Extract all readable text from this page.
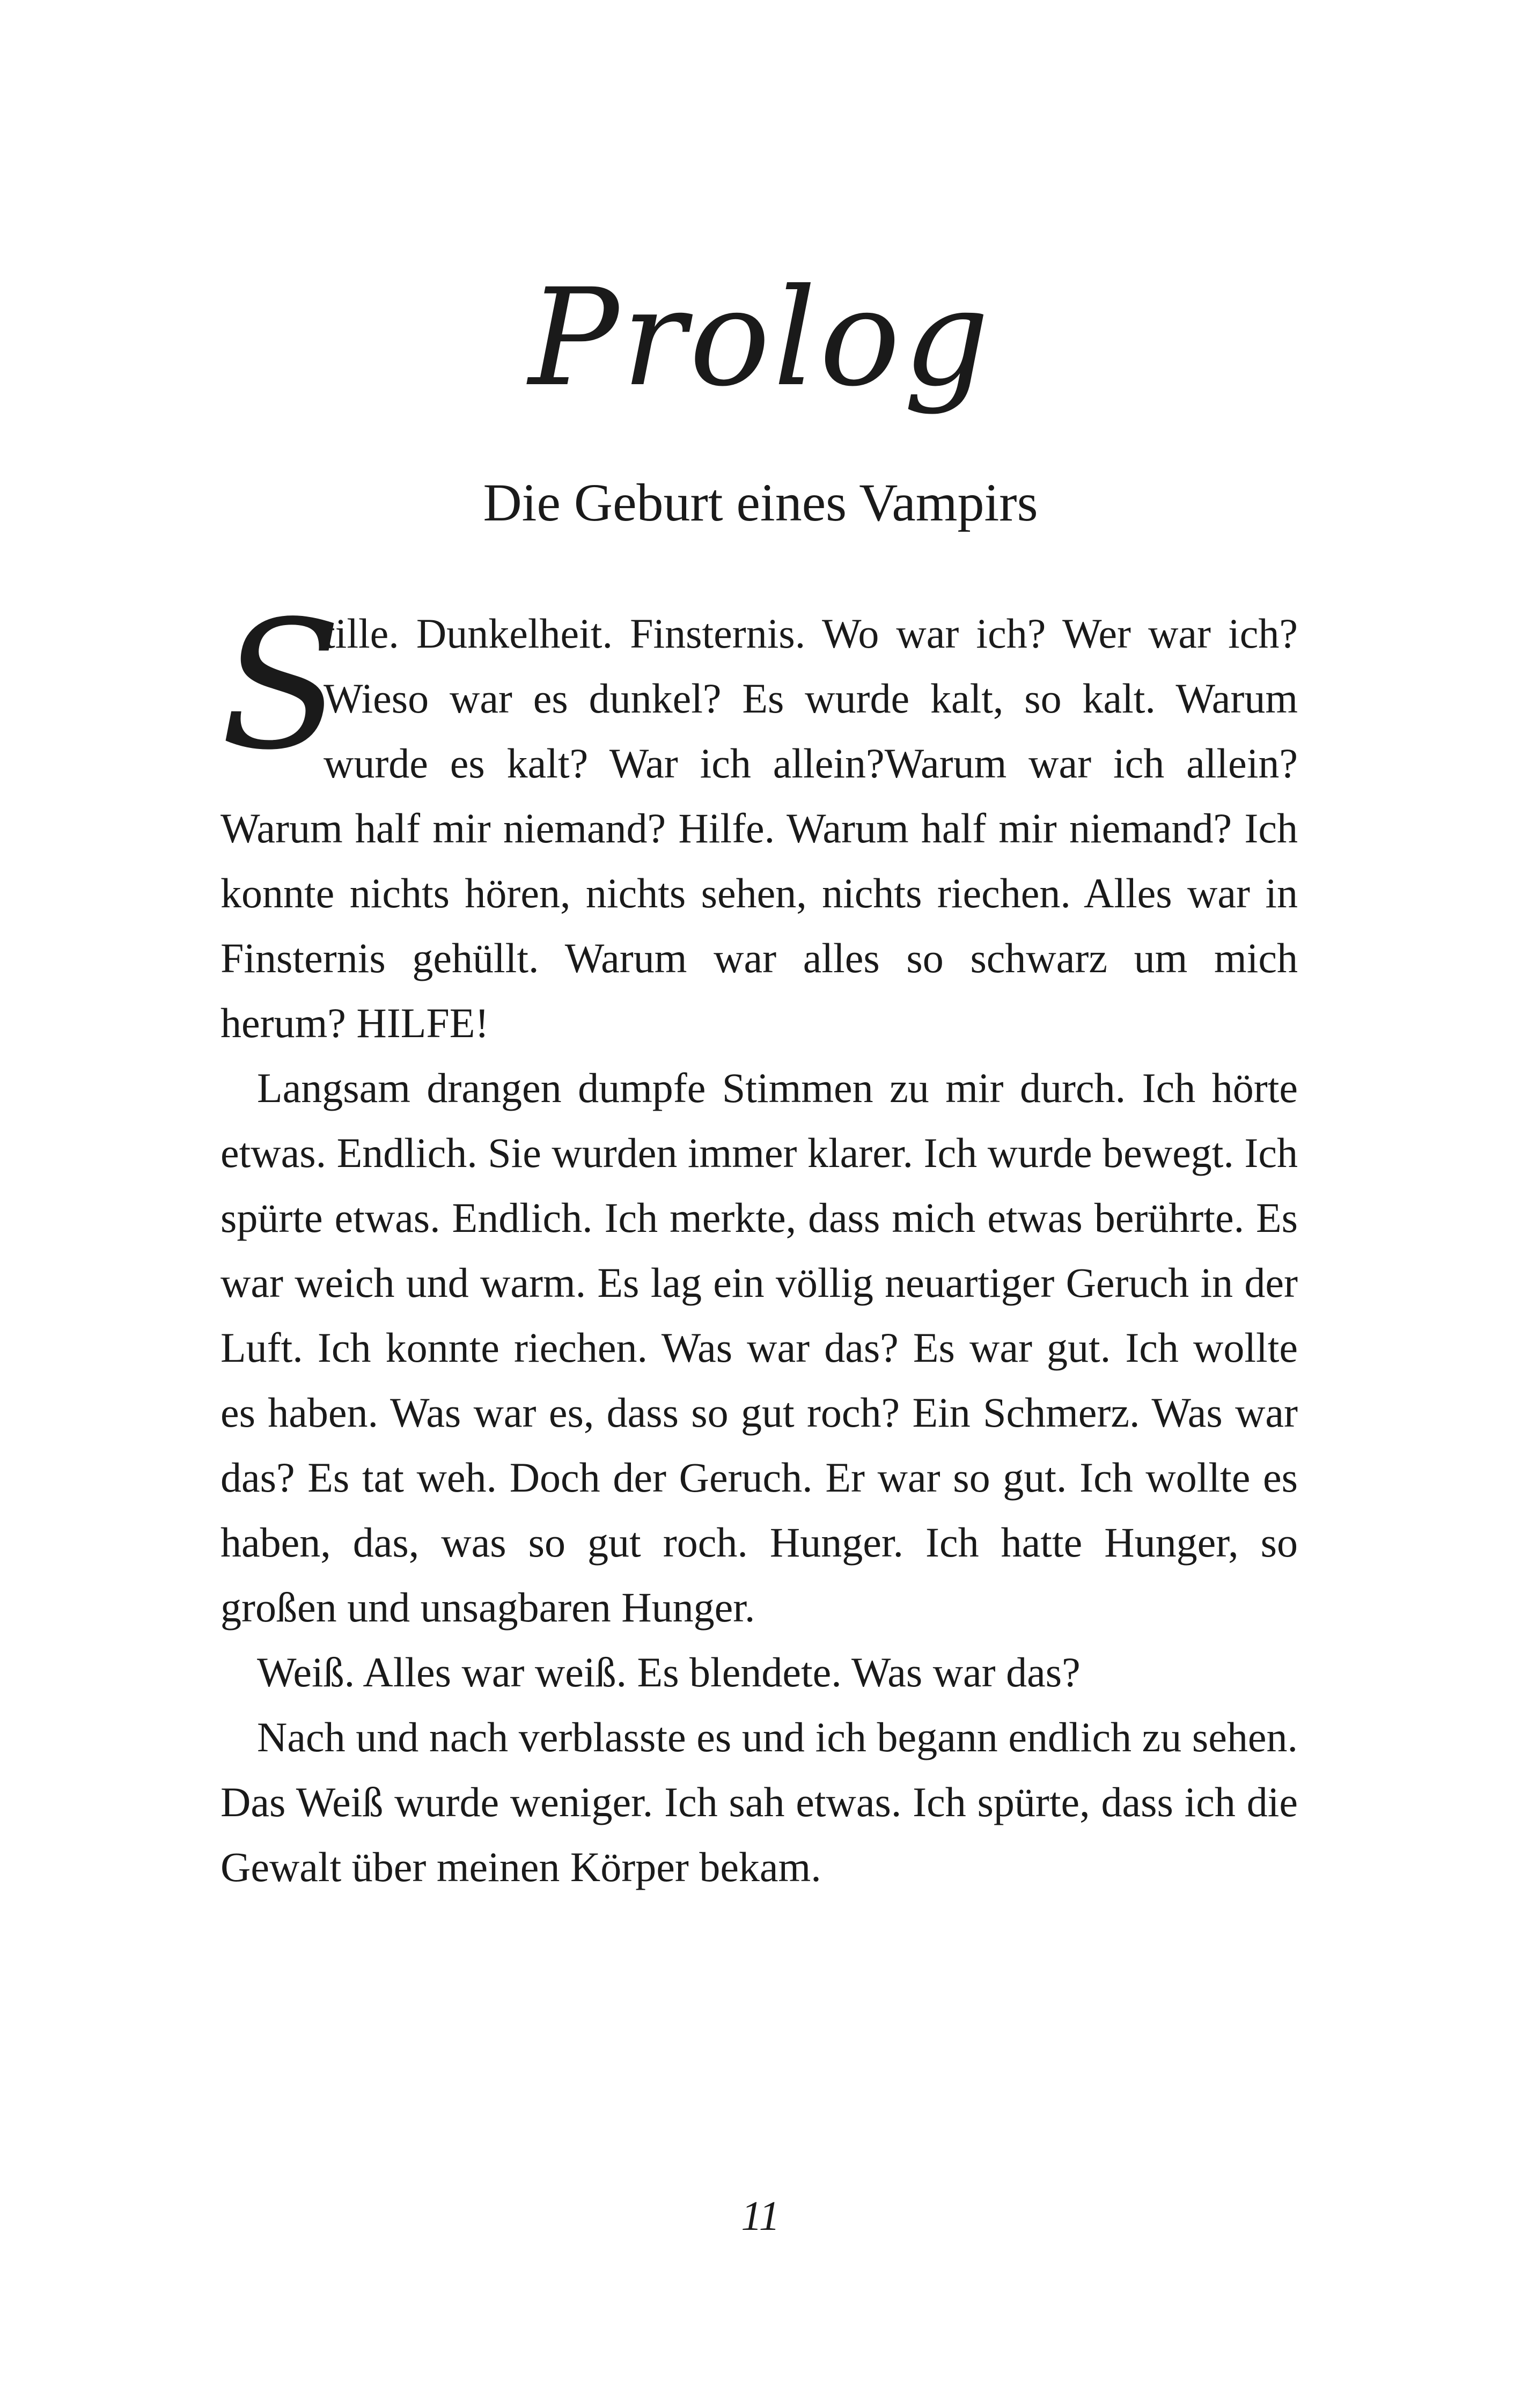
Prolog
Die Geburt eines Vampirs

S
tille. Dunkelheit. Finsternis. Wo war ich? Wer war ich? Wieso war es dunkel? Es wurde kalt, so kalt. Warum wurde es kalt? War ich allein?Warum war ich allein? Warum half mir niemand? Hilfe. Warum half mir niemand? Ich konnte nichts hören, nichts sehen, nichts riechen. Alles war in Finsternis gehüllt. Warum war alles so schwarz um mich herum? HILFE!

Langsam drangen dumpfe Stimmen zu mir durch. Ich hörte etwas. Endlich. Sie wurden immer klarer. Ich wurde bewegt. Ich spürte etwas. Endlich. Ich merkte, dass mich etwas berührte. Es war weich und warm. Es lag ein völlig neuartiger Geruch in der Luft. Ich konnte riechen. Was war das? Es war gut. Ich wollte es haben. Was war es, dass so gut roch? Ein Schmerz. Was war das? Es tat weh. Doch der Geruch. Er war so gut. Ich wollte es haben, das, was so gut roch. Hunger. Ich hatte Hunger, so großen und unsagbaren Hunger.

Weiß. Alles war weiß. Es blendete. Was war das?

Nach und nach verblasste es und ich begann endlich zu sehen. Das Weiß wurde weniger. Ich sah etwas. Ich spürte, dass ich die Gewalt über meinen Körper bekam.

11
